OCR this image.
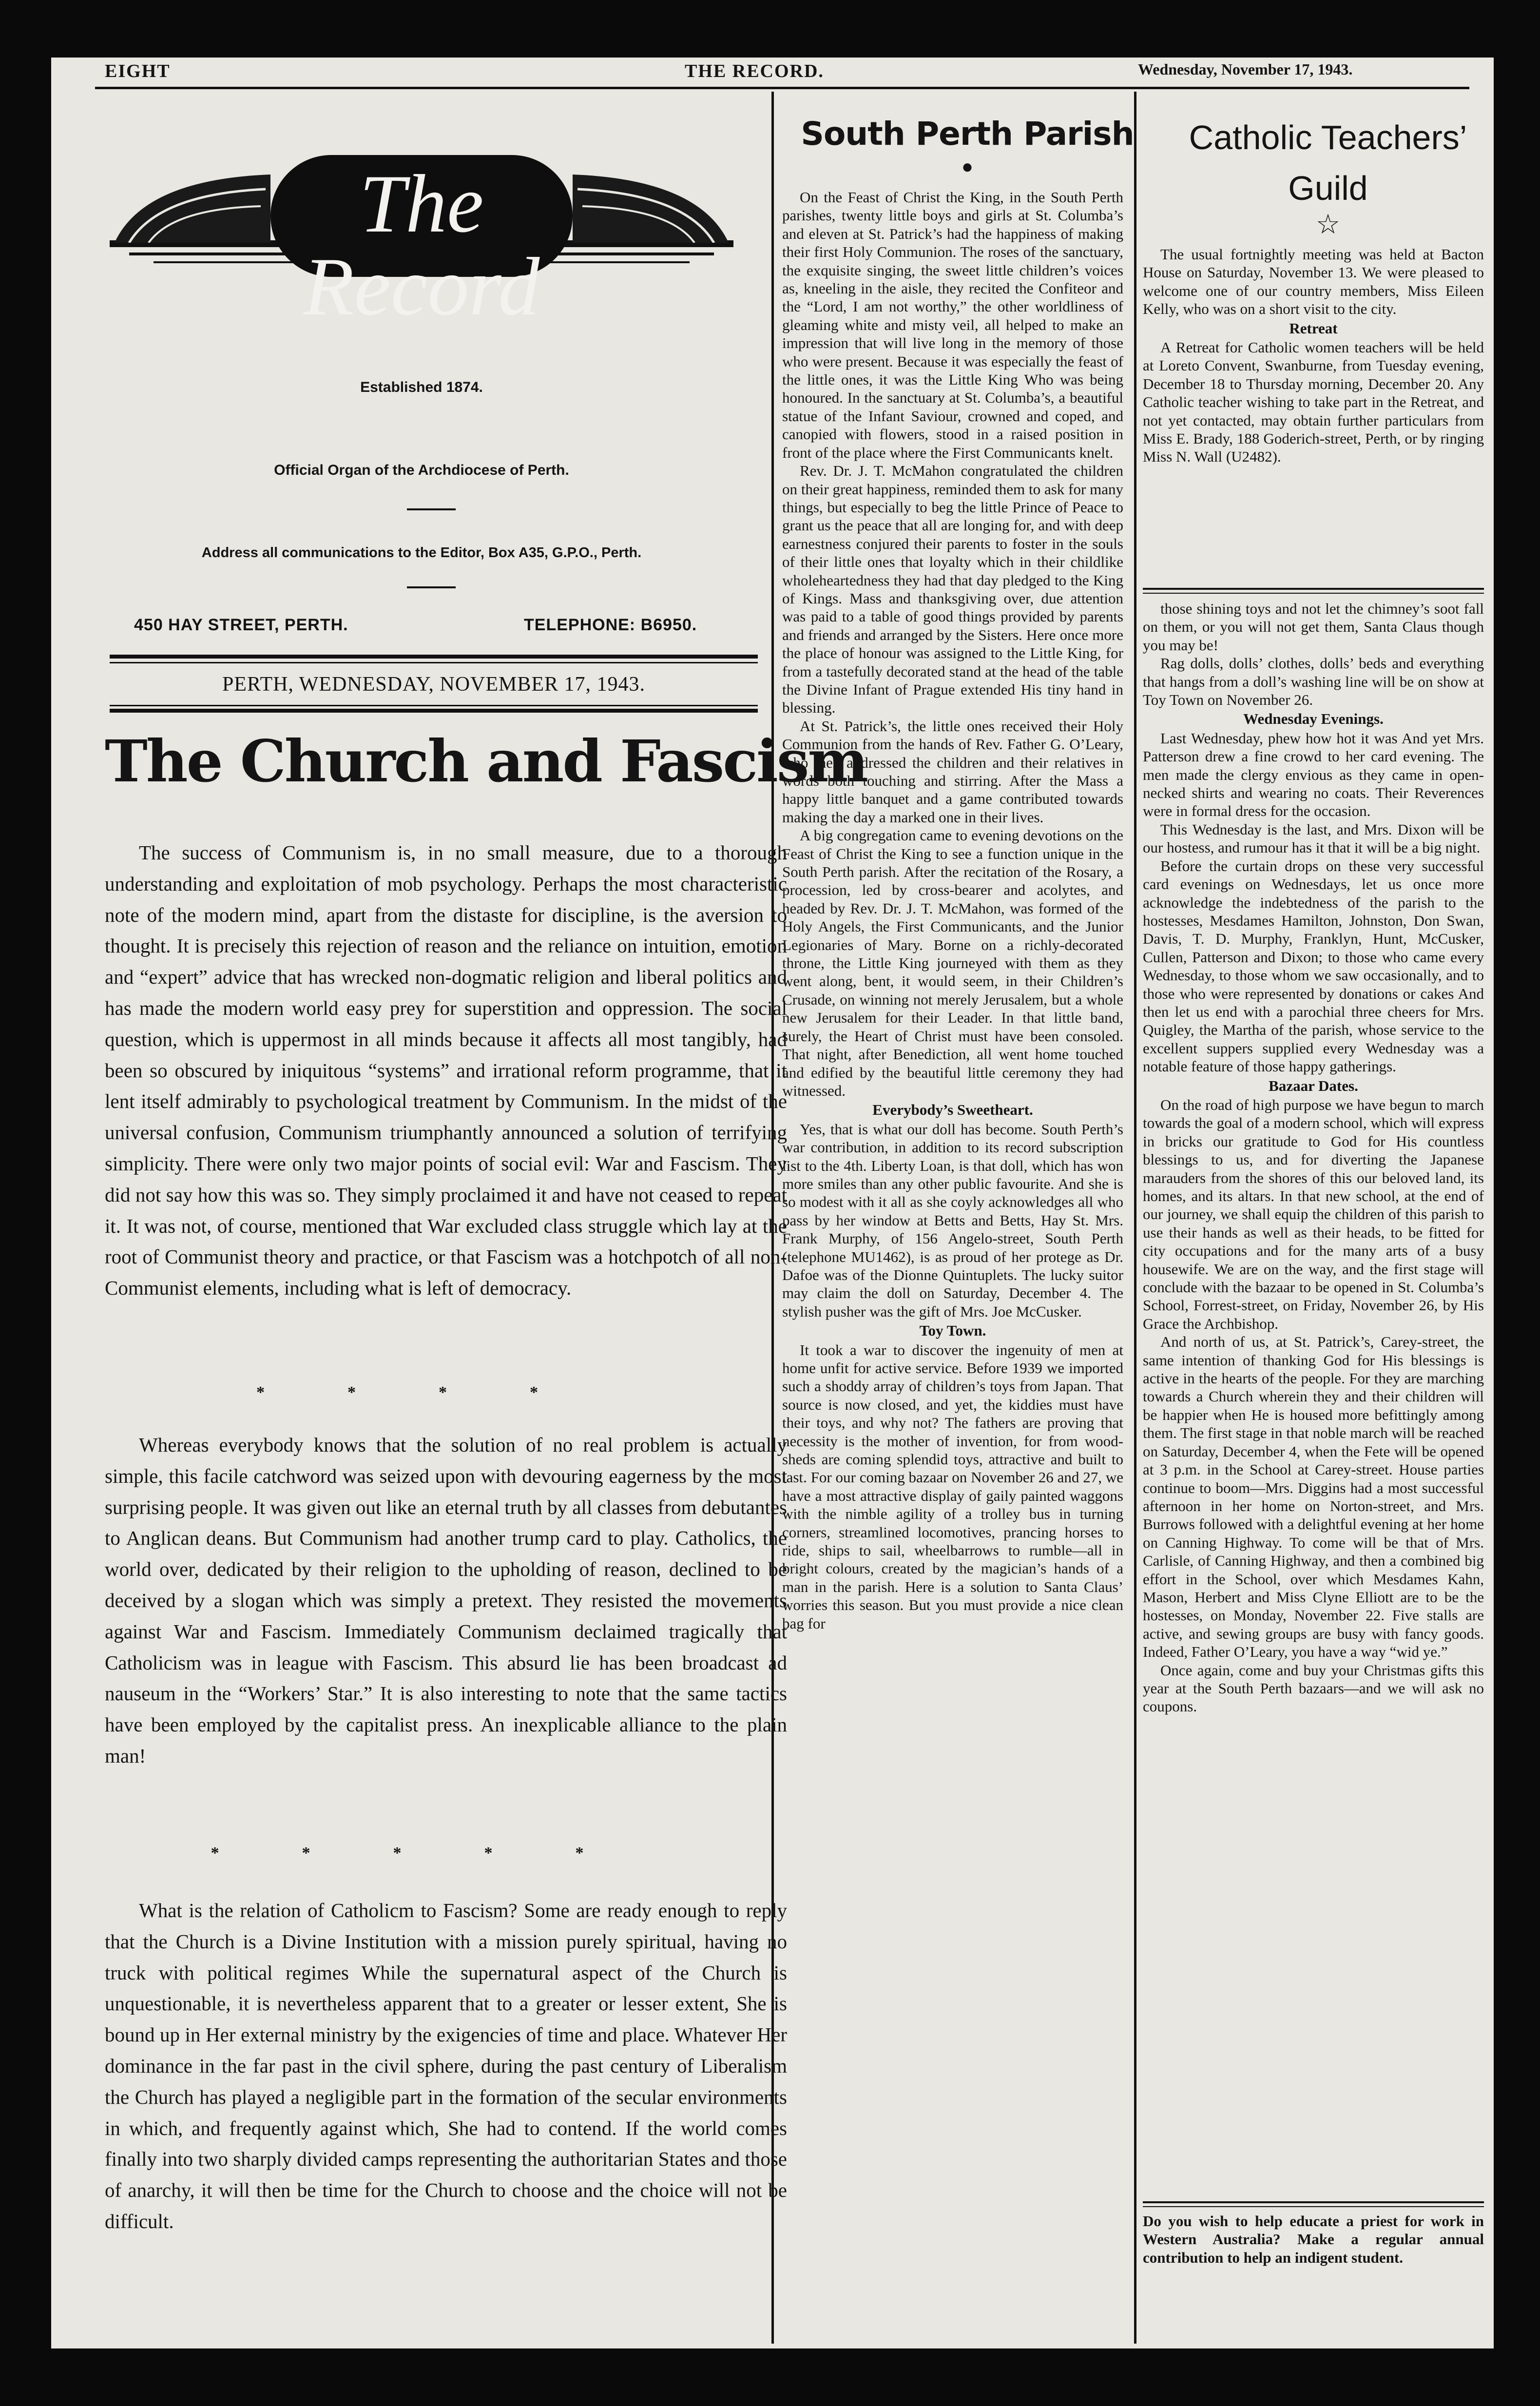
EIGHT	THE RECORD.	Wednesday, November 17, 1943.
The Record
Established 1874.
Official Organ of the Archdiocese of Perth.
Address all communications to the Editor, Box A35, G.P.O., Perth.
450 HAY STREET, PERTH.	TELEPHONE: B6950.
PERTH, WEDNESDAY, NOVEMBER 17, 1943.
The Church and Fascism

The success of Communism is, in no small measure, due to a thorough understanding and exploitation of mob psychology. Perhaps the most characteristic note of the modern mind, apart from the distaste for discipline, is the aversion to thought. It is precisely this rejection of reason and the reliance on intuition, emotion and “expert” advice that has wrecked non-dogmatic religion and liberal politics and has made the modern world easy prey for superstition and oppression. The social question, which is uppermost in all minds because it affects all most tangibly, had been so obscured by iniquitous “systems” and irrational reform programme, that it lent itself admirably to psychological treatment by Communism. In the midst of the universal confusion, Communism triumphantly announced a solution of terrifying simplicity. There were only two major points of social evil: War and Fascism. They did not say how this was so. They simply proclaimed it and have not ceased to repeat it. It was not, of course, mentioned that War excluded class struggle which lay at the root of Communist theory and practice, or that Fascism was a hotchpotch of all non-Communist elements, including what is left of democracy.

*	*	*	*

Whereas everybody knows that the solution of no real problem is actually simple, this facile catchword was seized upon with devouring eagerness by the most surprising people. It was given out like an eternal truth by all classes from debutantes to Anglican deans. But Communism had another trump card to play. Catholics, the world over, dedicated by their religion to the upholding of reason, declined to be deceived by a slogan which was simply a pretext. They resisted the movements against War and Fascism. Immediately Communism declaimed tragically that Catholicism was in league with Fascism. This absurd lie has been broadcast ad nauseum in the “Workers’ Star.” It is also interesting to note that the same tactics have been employed by the capitalist press. An inexplicable alliance to the plain man!

*	*	*	*	*

What is the relation of Catholicm to Fascism? Some are ready enough to reply that the Church is a Divine Institution with a mission purely spiritual, having no truck with political regimes While the supernatural aspect of the Church is unquestionable, it is nevertheless apparent that to a greater or lesser extent, She is bound up in Her external ministry by the exigencies of time and place. Whatever Her dominance in the far past in the civil sphere, during the past century of Liberalism the Church has played a negligible part in the formation of the secular environments in which, and frequently against which, She had to contend. If the world comes finally into two sharply divided camps representing the authoritarian States and those of anarchy, it will then be time for the Church to choose and the choice will not be difficult.

South Perth Parish
●

On the Feast of Christ the King, in the South Perth parishes, twenty little boys and girls at St. Columba’s and eleven at St. Patrick’s had the happiness of making their first Holy Communion. The roses of the sanctuary, the exquisite singing, the sweet little children’s voices as, kneeling in the aisle, they recited the Confiteor and the “Lord, I am not worthy,” the other worldliness of gleaming white and misty veil, all helped to make an impression that will live long in the memory of those who were present. Because it was especially the feast of the little ones, it was the Little King Who was being honoured. In the sanctuary at St. Columba’s, a beautiful statue of the Infant Saviour, crowned and coped, and canopied with flowers, stood in a raised position in front of the place where the First Communicants knelt.

Rev. Dr. J. T. McMahon congratulated the children on their great happiness, reminded them to ask for many things, but especially to beg the little Prince of Peace to grant us the peace that all are longing for, and with deep earnestness conjured their parents to foster in the souls of their little ones that loyalty which in their childlike wholeheartedness they had that day pledged to the King of Kings. Mass and thanksgiving over, due attention was paid to a table of good things provided by parents and friends and arranged by the Sisters. Here once more the place of honour was assigned to the Little King, for from a tastefully decorated stand at the head of the table the Divine Infant of Prague extended His tiny hand in blessing.

At St. Patrick’s, the little ones received their Holy Communion from the hands of Rev. Father G. O’Leary, who then addressed the children and their relatives in words both touching and stirring. After the Mass a happy little banquet and a game contributed towards making the day a marked one in their lives.

A big congregation came to evening devotions on the Feast of Christ the King to see a function unique in the South Perth parish. After the recitation of the Rosary, a procession, led by cross-bearer and acolytes, and headed by Rev. Dr. J. T. McMahon, was formed of the Holy Angels, the First Communicants, and the Junior Legionaries of Mary. Borne on a richly-decorated throne, the Little King journeyed with them as they went along, bent, it would seem, in their Children’s Crusade, on winning not merely Jerusalem, but a whole new Jerusalem for their Leader. In that little band, surely, the Heart of Christ must have been consoled. That night, after Benediction, all went home touched and edified by the beautiful little ceremony they had witnessed.

Everybody’s Sweetheart.

Yes, that is what our doll has become. South Perth’s war contribution, in addition to its record subscription list to the 4th. Liberty Loan, is that doll, which has won more smiles than any other public favourite. And she is so modest with it all as she coyly acknowledges all who pass by her window at Betts and Betts, Hay St. Mrs. Frank Murphy, of 156 Angelo-street, South Perth (telephone MU1462), is as proud of her protege as Dr. Dafoe was of the Dionne Quintuplets. The lucky suitor may claim the doll on Saturday, December 4. The stylish pusher was the gift of Mrs. Joe McCusker.

Toy Town.

It took a war to discover the ingenuity of men at home unfit for active service. Before 1939 we imported such a shoddy array of children’s toys from Japan. That source is now closed, and yet, the kiddies must have their toys, and why not? The fathers are proving that necessity is the mother of invention, for from wood-sheds are coming splendid toys, attractive and built to last. For our coming bazaar on November 26 and 27, we have a most attractive display of gaily painted waggons with the nimble agility of a trolley bus in turning corners, streamlined locomotives, prancing horses to ride, ships to sail, wheelbarrows to rumble—all in bright colours, created by the magician’s hands of a man in the parish. Here is a solution to Santa Claus’ worries this season. But you must provide a nice clean bag for

Catholic Teachers’ Guild
☆

The usual fortnightly meeting was held at Bacton House on Saturday, November 13. We were pleased to welcome one of our country members, Miss Eileen Kelly, who was on a short visit to the city.

Retreat

A Retreat for Catholic women teachers will be held at Loreto Convent, Swanburne, from Tuesday evening, December 18 to Thursday morning, December 20. Any Catholic teacher wishing to take part in the Retreat, and not yet contacted, may obtain further particulars from Miss E. Brady, 188 Goderich-street, Perth, or by ringing Miss N. Wall (U2482).

those shining toys and not let the chimney’s soot fall on them, or you will not get them, Santa Claus though you may be!

Rag dolls, dolls’ clothes, dolls’ beds and everything that hangs from a doll’s washing line will be on show at Toy Town on November 26.

Wednesday Evenings.

Last Wednesday, phew how hot it was And yet Mrs. Patterson drew a fine crowd to her card evening. The men made the clergy envious as they came in open-necked shirts and wearing no coats. Their Reverences were in formal dress for the occasion.

This Wednesday is the last, and Mrs. Dixon will be our hostess, and rumour has it that it will be a big night.

Before the curtain drops on these very successful card evenings on Wednesdays, let us once more acknowledge the indebtedness of the parish to the hostesses, Mesdames Hamilton, Johnston, Don Swan, Davis, T. D. Murphy, Franklyn, Hunt, McCusker, Cullen, Patterson and Dixon; to those who came every Wednesday, to those whom we saw occasionally, and to those who were represented by donations or cakes And then let us end with a parochial three cheers for Mrs. Quigley, the Martha of the parish, whose service to the excellent suppers supplied every Wednesday was a notable feature of those happy gatherings.

Bazaar Dates.

On the road of high purpose we have begun to march towards the goal of a modern school, which will express in bricks our gratitude to God for His countless blessings to us, and for diverting the Japanese marauders from the shores of this our beloved land, its homes, and its altars. In that new school, at the end of our journey, we shall equip the children of this parish to use their hands as well as their heads, to be fitted for city occupations and for the many arts of a busy housewife. We are on the way, and the first stage will conclude with the bazaar to be opened in St. Columba’s School, Forrest-street, on Friday, November 26, by His Grace the Archbishop.

And north of us, at St. Patrick’s, Carey-street, the same intention of thanking God for His blessings is active in the hearts of the people. For they are marching towards a Church wherein they and their children will be happier when He is housed more befittingly among them. The first stage in that noble march will be reached on Saturday, December 4, when the Fete will be opened at 3 p.m. in the School at Carey-street. House parties continue to boom—Mrs. Diggins had a most successful afternoon in her home on Norton-street, and Mrs. Burrows followed with a delightful evening at her home on Canning Highway. To come will be that of Mrs. Carlisle, of Canning Highway, and then a combined big effort in the School, over which Mesdames Kahn, Mason, Herbert and Miss Clyne Elliott are to be the hostesses, on Monday, November 22. Five stalls are active, and sewing groups are busy with fancy goods. Indeed, Father O’Leary, you have a way “wid ye.”

Once again, come and buy your Christmas gifts this year at the South Perth bazaars—and we will ask no coupons.

Do you wish to help educate a priest for work in Western Australia? Make a regular annual contribution to help an indigent student.
